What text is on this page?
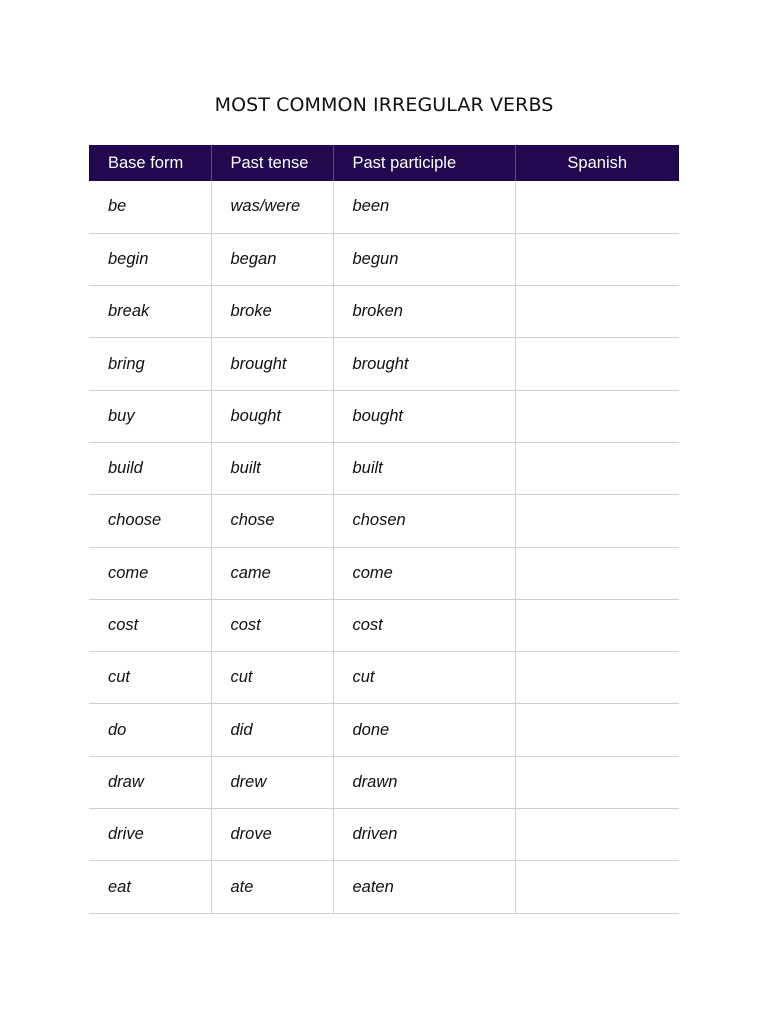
MOST COMMON IRREGULAR VERBS
Base form	Past tense	Past participle	Spanish
be	was/were	been	
begin	began	begun	
break	broke	broken	
bring	brought	brought	
buy	bought	bought	
build	built	built	
choose	chose	chosen	
come	came	come	
cost	cost	cost	
cut	cut	cut	
do	did	done	
draw	drew	drawn	
drive	drove	driven	
eat	ate	eaten	
